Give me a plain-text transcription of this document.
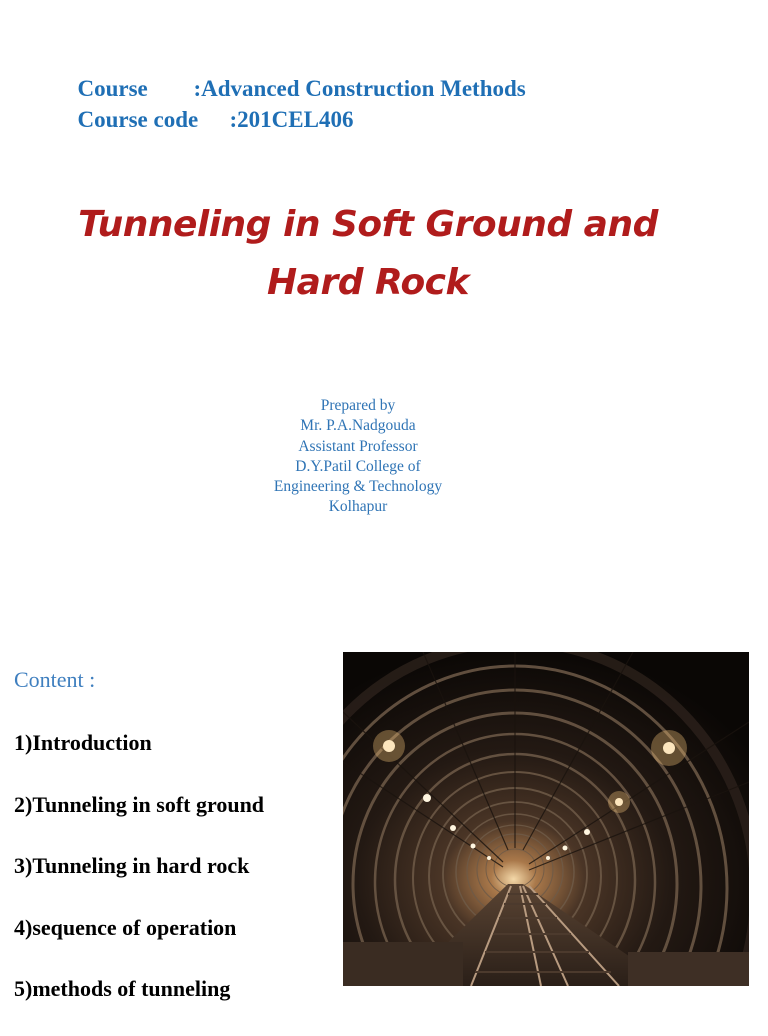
Course :Advanced Construction Methods

Course code :201CEL406

Tunneling in Soft Ground and
Hard Rock
Prepared by
Mr. P.A.Nadgouda
Assistant Professor
D.Y.Patil College of
Engineering & Technology
Kolhapur
Content :
1)Introduction
2)Tunneling in soft ground
3)Tunneling in hard rock
4)sequence of operation
5)methods of tunneling
